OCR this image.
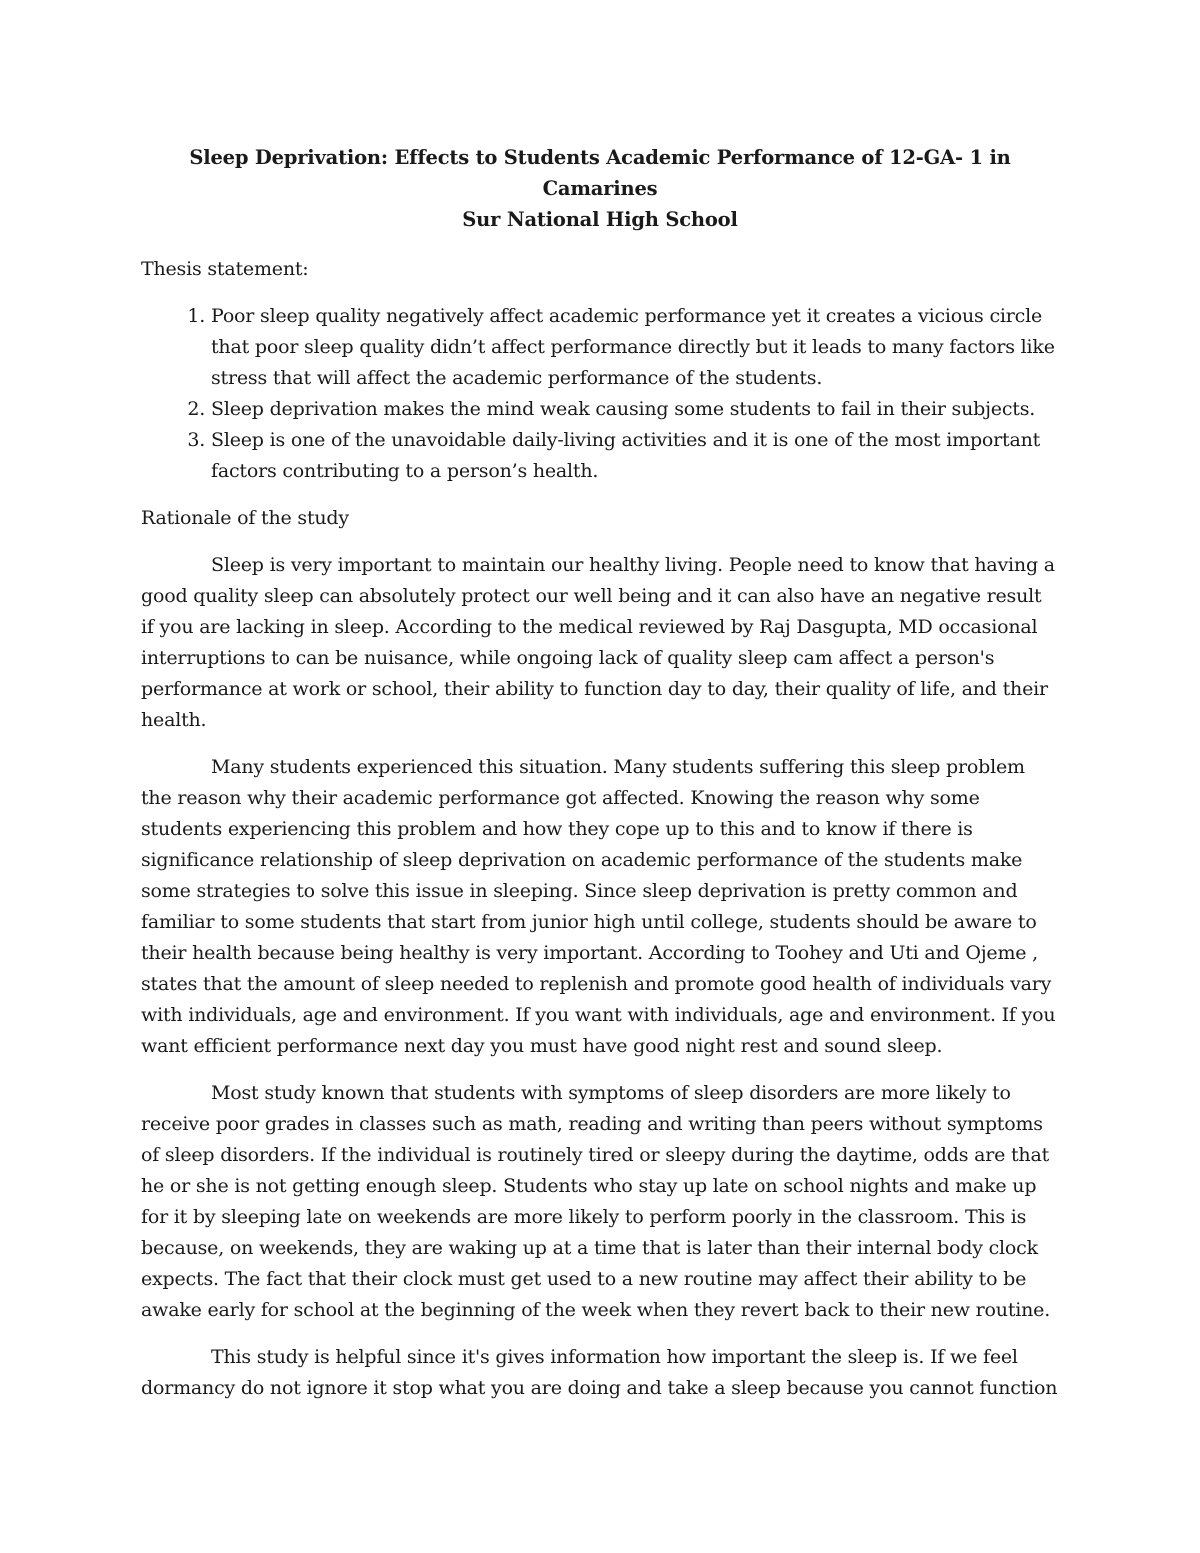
Sleep Deprivation: Effects to Students Academic Performance of 12-GA- 1 in Camarines
Sur National High School
Thesis statement:
1. Poor sleep quality negatively affect academic performance yet it creates a vicious circle that poor sleep quality didn’t affect performance directly but it leads to many factors like stress that will affect the academic performance of the students.
2. Sleep deprivation makes the mind weak causing some students to fail in their subjects.
3. Sleep is one of the unavoidable daily-living activities and it is one of the most important factors contributing to a person’s health.
Rationale of the study

Sleep is very important to maintain our healthy living. People need to know that having a good quality sleep can absolutely protect our well being and it can also have an negative result if you are lacking in sleep. According to the medical reviewed by Raj Dasgupta, MD occasional interruptions to can be nuisance, while ongoing lack of quality sleep cam affect a person's performance at work or school, their ability to function day to day, their quality of life, and their health.

Many students experienced this situation. Many students suffering this sleep problem the reason why their academic performance got affected. Knowing the reason why some students experiencing this problem and how they cope up to this and to know if there is significance relationship of sleep deprivation on academic performance of the students make some strategies to solve this issue in sleeping. Since sleep deprivation is pretty common and familiar to some students that start from junior high until college, students should be aware to their health because being healthy is very important. According to Toohey and Uti and Ojeme , states that the amount of sleep needed to replenish and promote good health of individuals vary with individuals, age and environment. If you want with individuals, age and environment. If you want efficient performance next day you must have good night rest and sound sleep.

Most study known that students with symptoms of sleep disorders are more likely to receive poor grades in classes such as math, reading and writing than peers without symptoms of sleep disorders. If the individual is routinely tired or sleepy during the daytime, odds are that he or she is not getting enough sleep. Students who stay up late on school nights and make up for it by sleeping late on weekends are more likely to perform poorly in the classroom. This is because, on weekends, they are waking up at a time that is later than their internal body clock expects. The fact that their clock must get used to a new routine may affect their ability to be awake early for school at the beginning of the week when they revert back to their new routine.

This study is helpful since it's gives information how important the sleep is. If we feel dormancy do not ignore it stop what you are doing and take a sleep because you cannot function
